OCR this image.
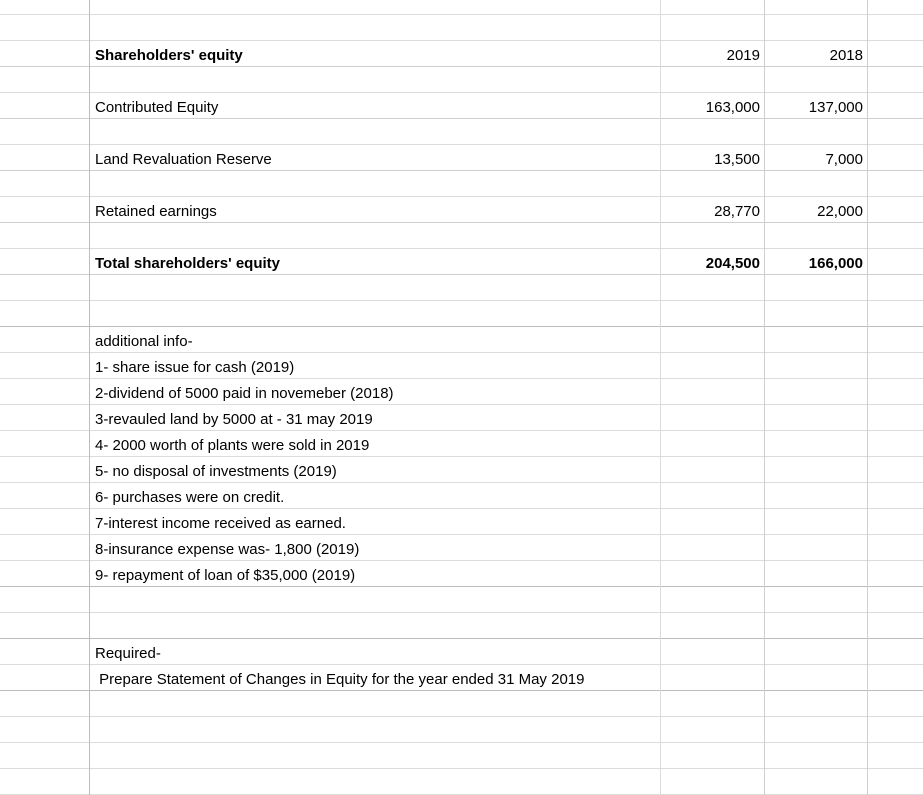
Shareholders' equity	2019	2018
Contributed Equity	163,000	137,000
Land Revaluation Reserve	13,500	7,000
Retained earnings	28,770	22,000
Total shareholders' equity	204,500	166,000
additional info-
1- share issue for cash (2019)
2-dividend of 5000 paid in novemeber (2018)
3-revauled land by 5000 at - 31 may 2019
4- 2000 worth of plants were sold in 2019
5- no disposal of investments (2019)
6- purchases were on credit.
7-interest income received as earned.
8-insurance expense was- 1,800 (2019)
9- repayment of loan of $35,000 (2019)
Required-
Prepare Statement of Changes in Equity for the year ended 31 May 2019
